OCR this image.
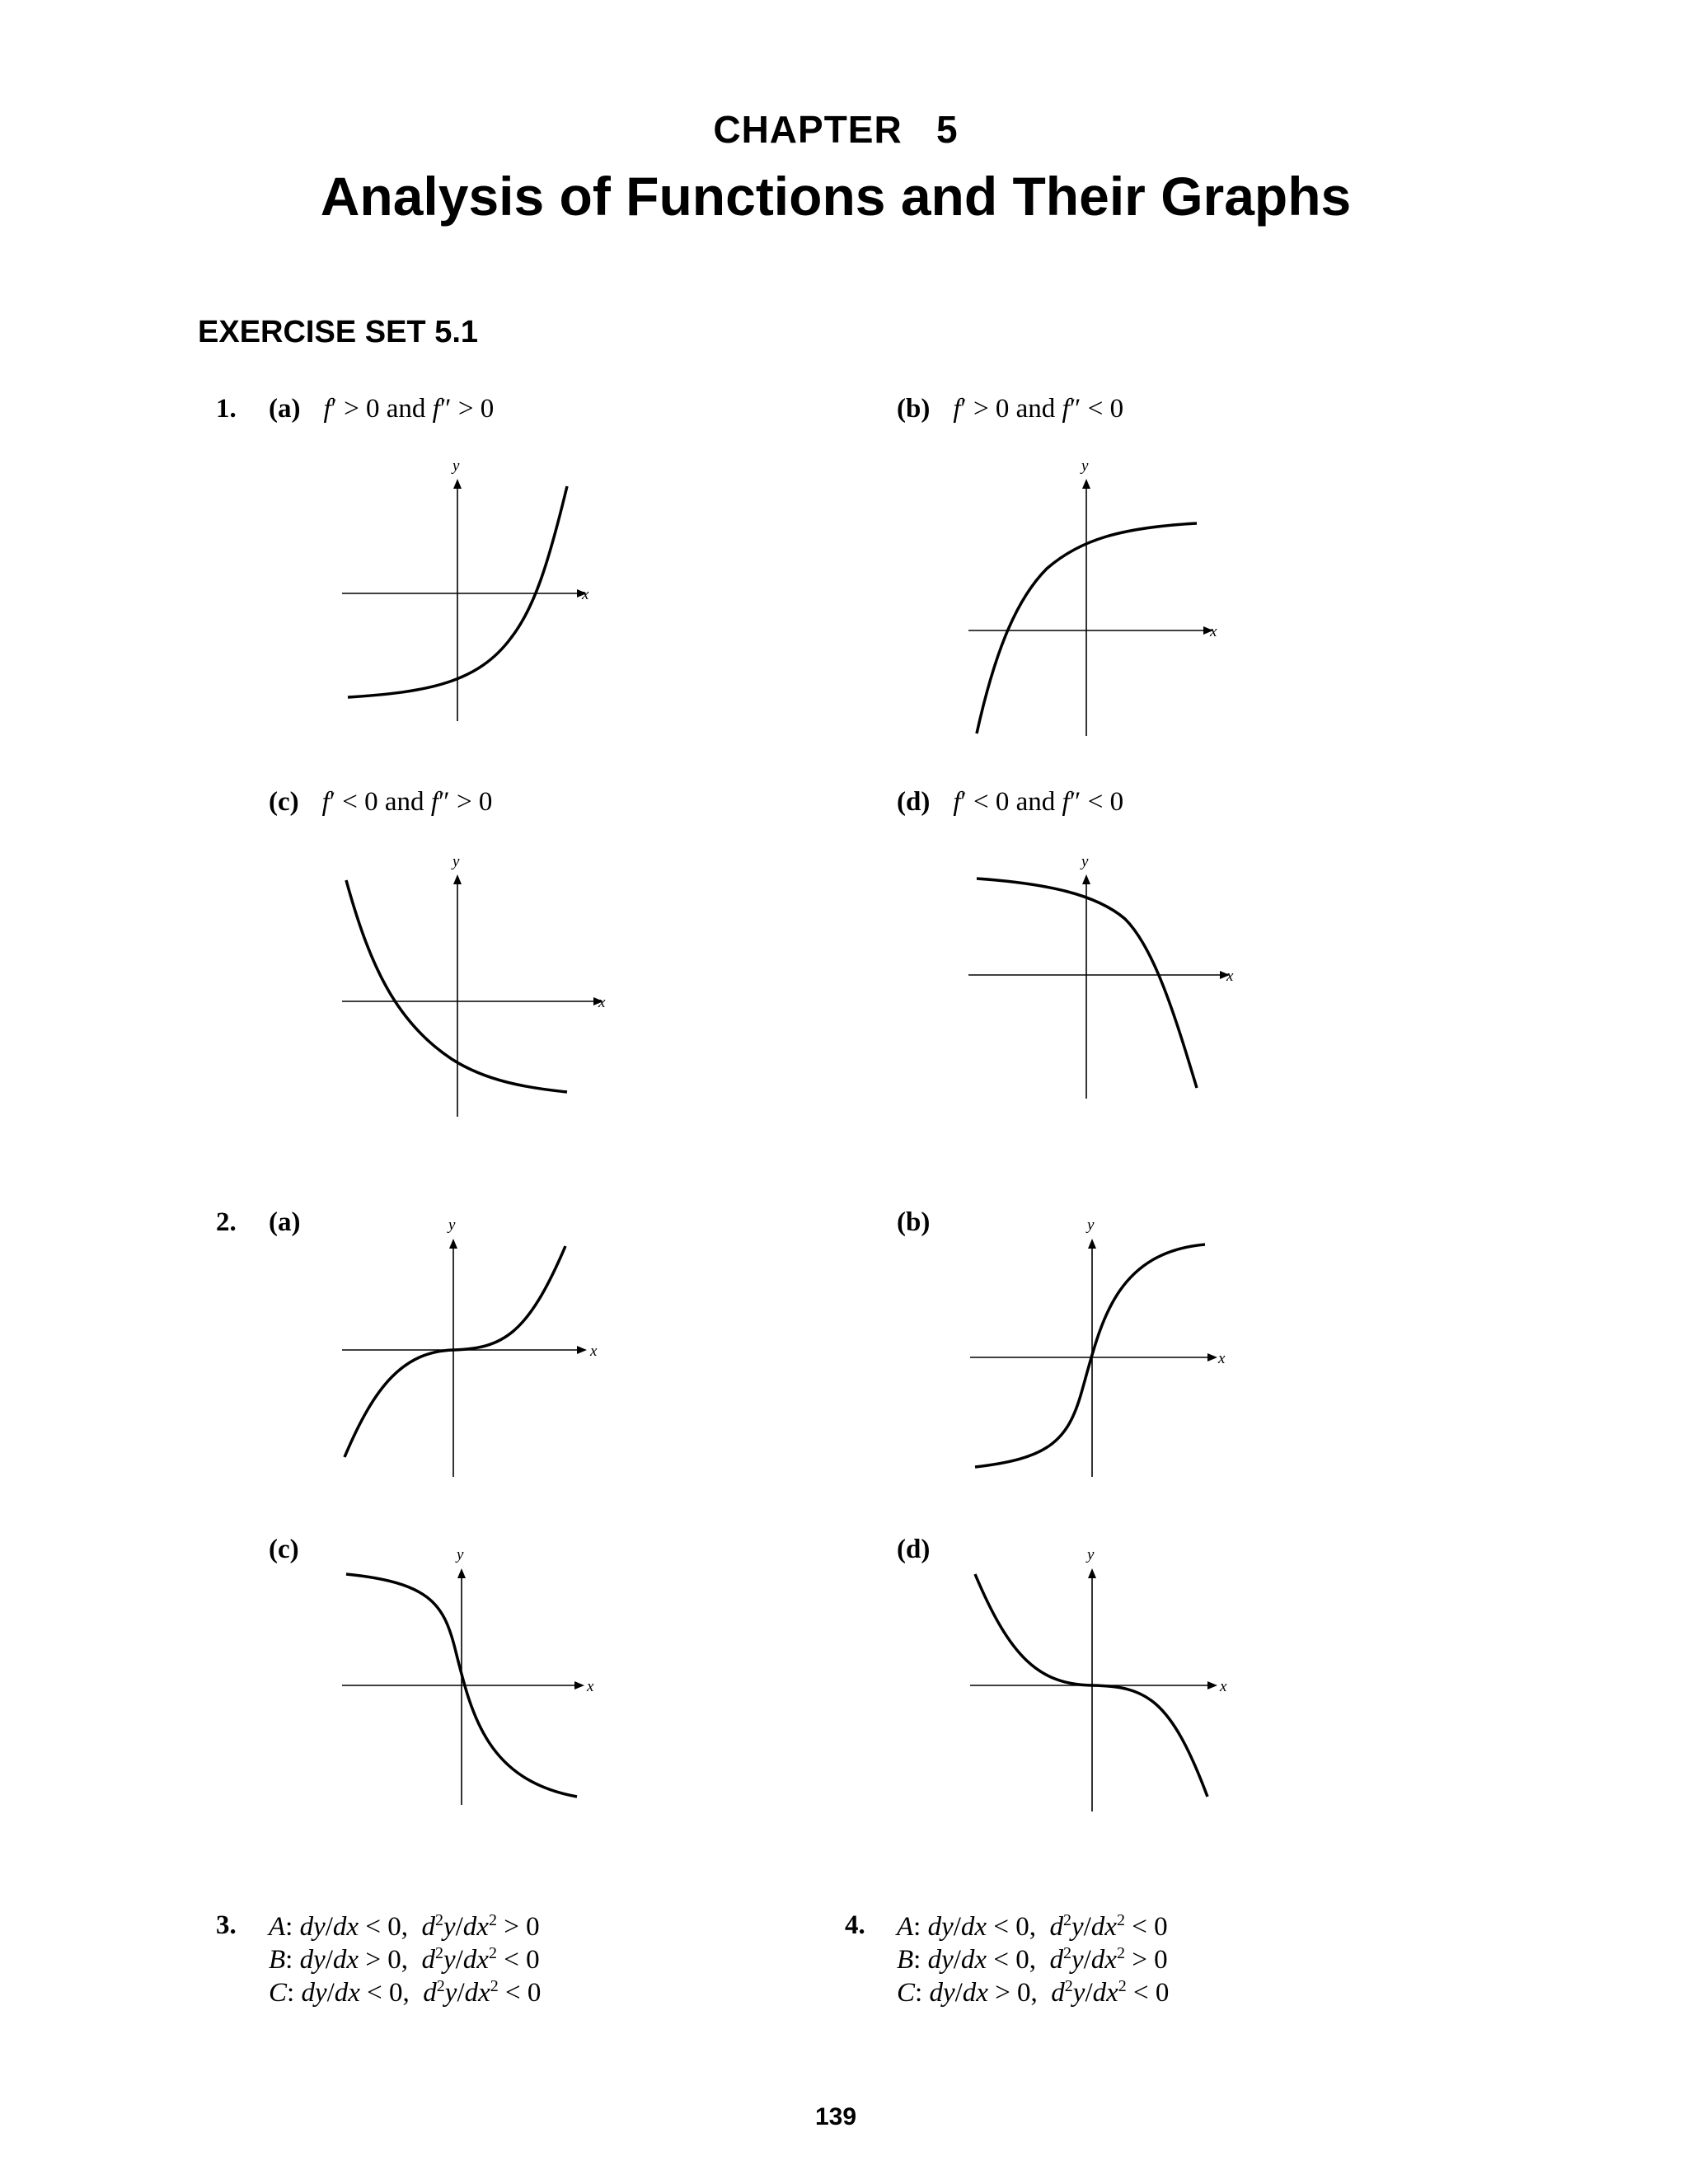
CHAPTER   5
Analysis of Functions and Their Graphs
EXERCISE SET 5.1
1. (a) f′ > 0 and f″ > 0	(b) f′ > 0 and f″ < 0
(c) f′ < 0 and f″ > 0	(d) f′ < 0 and f″ < 0
x
y
x
y
x
y
x
y
2. (a)	(b)
(c)	(d)
x
y
x
y
x
y
x
y
3. A: dy/dx < 0,  $d^2y/dx^2 > 0$
B: dy/dx > 0,  $d^2y/dx^2 < 0$
C: dy/dx < 0,  $d^2y/dx^2 < 0$
4. A: dy/dx < 0,  $d^2y/dx^2 < 0$
B: dy/dx < 0,  $d^2y/dx^2 > 0$
C: dy/dx > 0,  $d^2y/dx^2 < 0$
139
